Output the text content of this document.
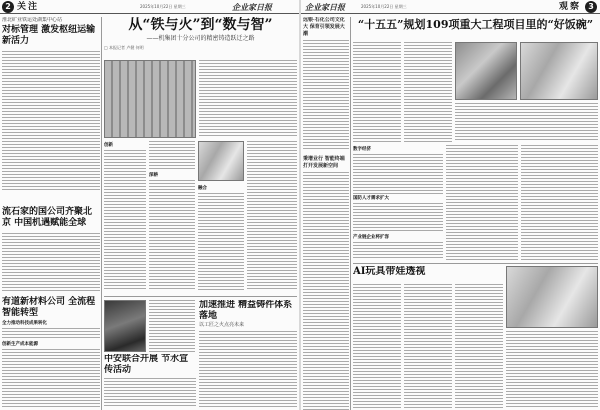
2 关注	企业家日报
2025年10月22日 星期三
淮北矿业铁运处湖集中心站
对标管理 激发枢纽运输新活力
流石家的国公司齐聚北京 中国机遇赋能全球
有道新材料公司 全流程智能转型
全力推动科技成果转化
创新生产成本能源
从“铁与火”到“数与智”
——机集团十分公司的精密铸造跃迁之路
□ 本报记者 卢健 何明
创新
深耕
融合
中安联合开展 节水宣传活动
加速推进 精益铸件体系落地
以工匠之火点亮未来
企业家日报	2025年10月22日 星期三	观察 3
远银·石化公司文化大 保育引领发展大潮
秉增业行 智能终端 打开发展新空间
“十五五”规划109项重大工程项目里的“好饭碗”
数字经济
国防人才需求扩大
产业链企业将扩容
AI玩具带娃透视
